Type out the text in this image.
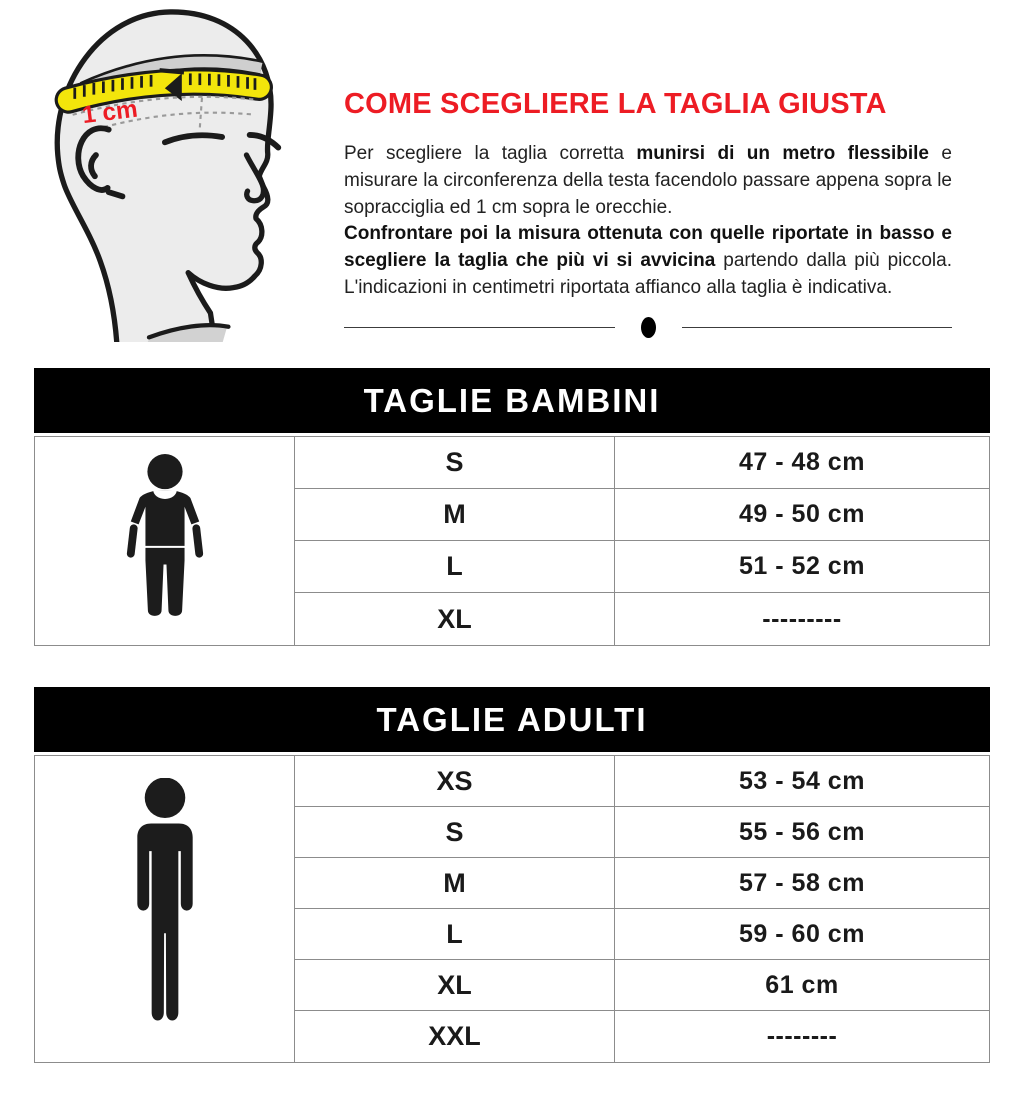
1 cm	COME SCEGLIERE LA TAGLIA GIUSTA

Per scegliere la taglia corretta munirsi di un metro flessibile e misurare la circonferenza della testa facendolo passare appena sopra le sopracciglia ed 1 cm sopra le orecchie.

Confrontare poi la misura ottenuta con quelle riportate in basso e scegliere la taglia che più vi si avvicina partendo dalla più piccola. L'indicazioni in centimetri riportata affianco alla taglia è indicativa.

TAGLIE BAMBINI
S	47 - 48 cm
M	49 - 50 cm
L	51 - 52 cm
XL	---------
TAGLIE ADULTI
XS	53 - 54 cm
S	55 - 56 cm
M	57 - 58 cm
L	59 - 60 cm
XL	61 cm
XXL	--------
